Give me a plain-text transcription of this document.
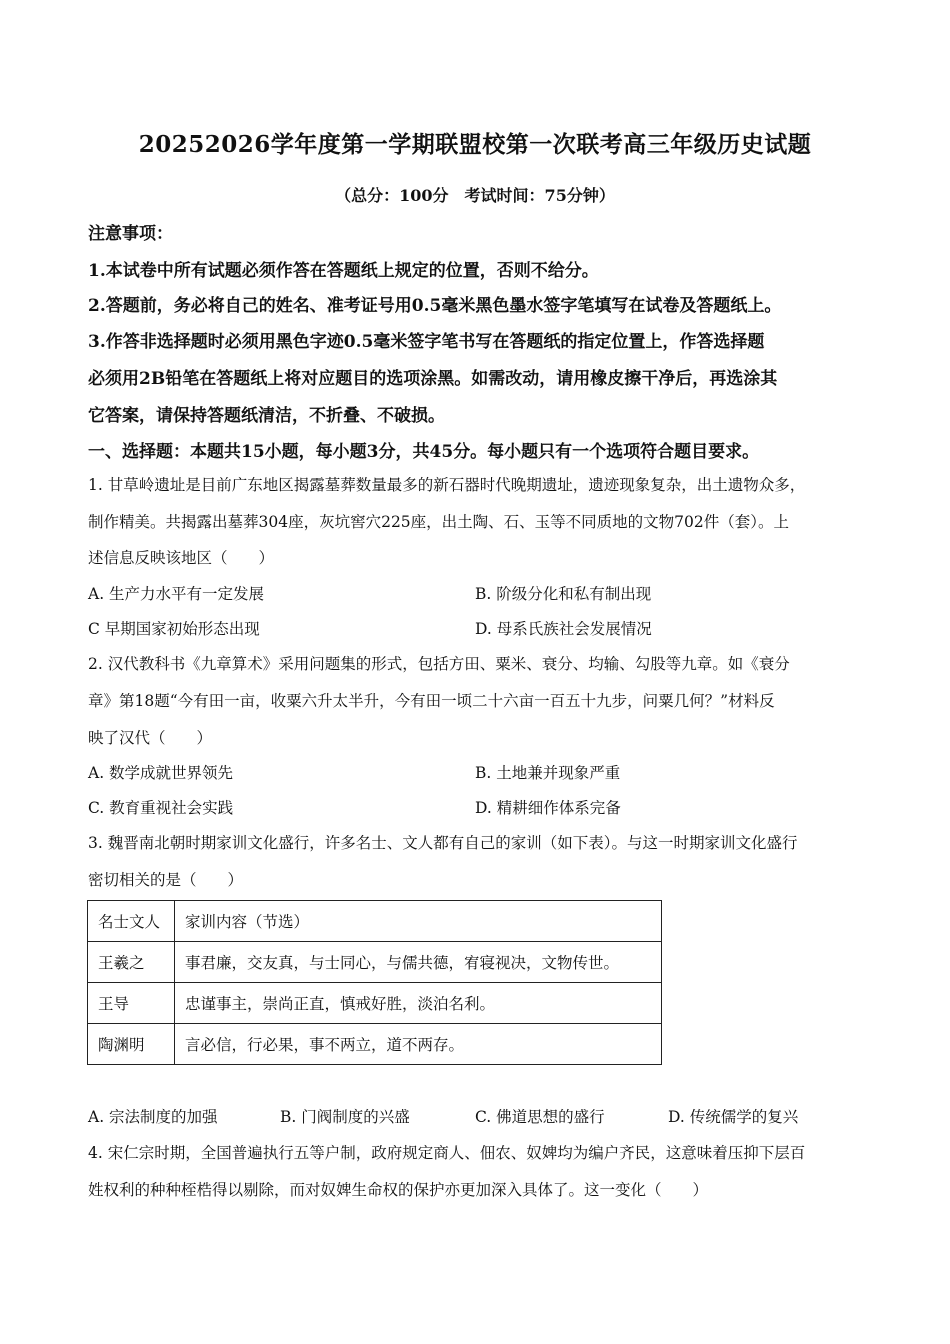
20252026学年度第一学期联盟校第一次联考高三年级历史试题
（总分：100分　考试时间：75分钟）
注意事项：
1.本试卷中所有试题必须作答在答题纸上规定的位置，否则不给分。
2.答题前，务必将自己的姓名、准考证号用0.5毫米黑色墨水签字笔填写在试卷及答题纸上。
3.作答非选择题时必须用黑色字迹0.5毫米签字笔书写在答题纸的指定位置上，作答选择题
必须用2B铅笔在答题纸上将对应题目的选项涂黑。如需改动，请用橡皮擦干净后，再选涂其
它答案，请保持答题纸清洁，不折叠、不破损。
一、选择题：本题共15小题，每小题3分，共45分。每小题只有一个选项符合题目要求。
1. 甘草岭遗址是目前广东地区揭露墓葬数量最多的新石器时代晚期遗址，遗迹现象复杂，出土遗物众多，
制作精美。共揭露出墓葬304座，灰坑窖穴225座，出土陶、石、玉等不同质地的文物702件（套）。上
述信息反映该地区（　　）
A. 生产力水平有一定发展	B. 阶级分化和私有制出现
C 早期国家初始形态出现	D. 母系氏族社会发展情况
2. 汉代教科书《九章算术》采用问题集的形式，包括方田、粟米、衰分、均输、勾股等九章。如《衰分
章》第18题“今有田一亩，收粟六升太半升，今有田一顷二十六亩一百五十九步，问粟几何？”材料反
映了汉代（　　）
A. 数学成就世界领先	B. 土地兼并现象严重
C. 教育重视社会实践	D. 精耕细作体系完备
3. 魏晋南北朝时期家训文化盛行，许多名士、文人都有自己的家训（如下表）。与这一时期家训文化盛行
密切相关的是（　　）
名士文人	家训内容（节选）
王羲之	事君廉，交友真，与士同心，与儒共德，宥寝视决，文物传世。
王导	忠谨事主，崇尚正直，慎戒好胜，淡泊名利。
陶渊明	言必信，行必果，事不两立，道不两存。
A. 宗法制度的加强	B. 门阀制度的兴盛	C. 佛道思想的盛行	D. 传统儒学的复兴
4. 宋仁宗时期，全国普遍执行五等户制，政府规定商人、佃农、奴婢均为编户齐民，这意味着压抑下层百
姓权利的种种桎梏得以剔除，而对奴婢生命权的保护亦更加深入具体了。这一变化（　　）
